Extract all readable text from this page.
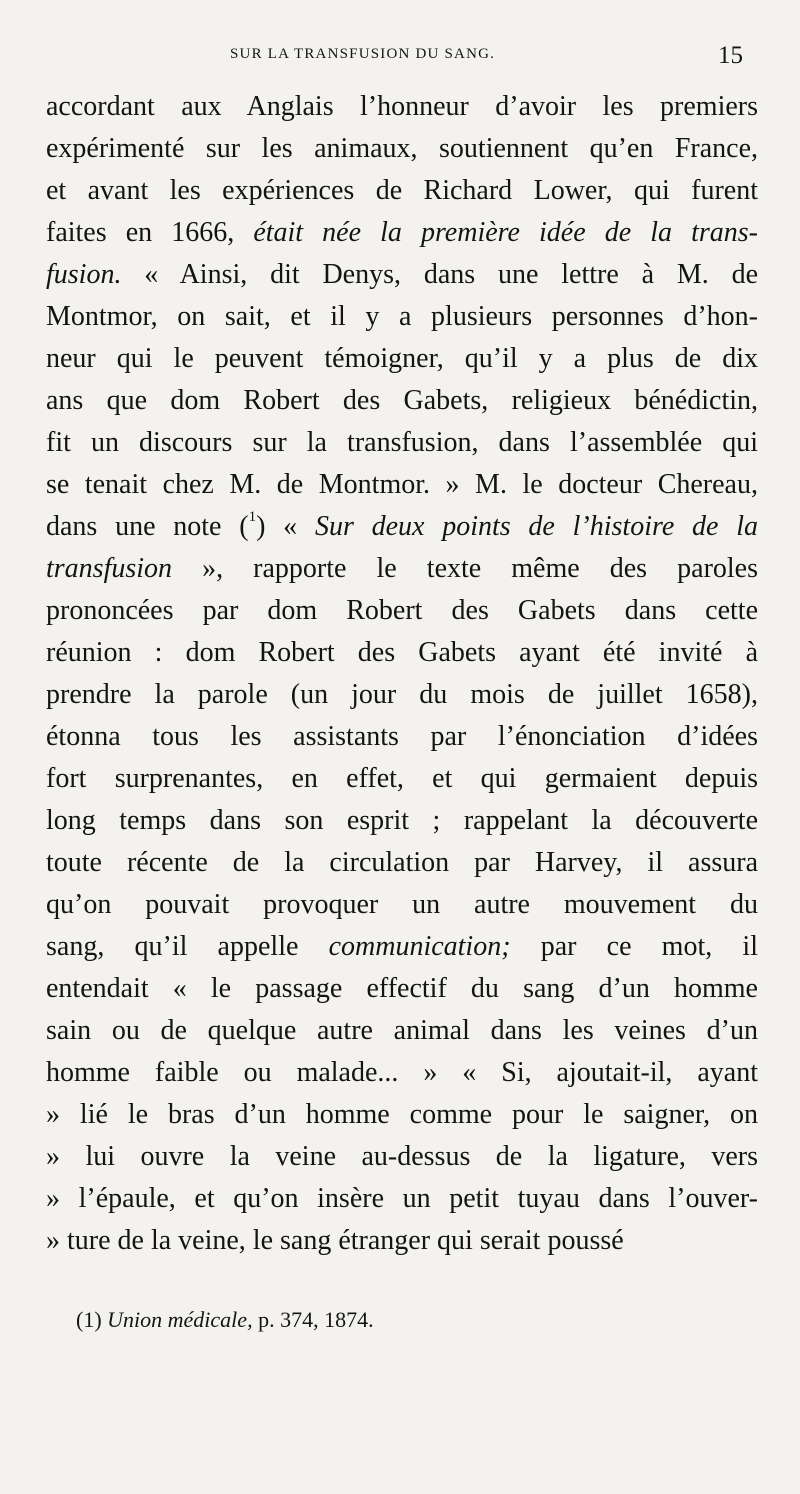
SUR LA TRANSFUSION DU SANG.	15
accordant aux Anglais l’honneur d’avoir les premiers
expérimenté sur les animaux, soutiennent qu’en France,
et avant les expériences de Richard Lower, qui furent
faites en 1666, était née la première idée de la trans-
fusion. « Ainsi, dit Denys, dans une lettre à M. de
Montmor, on sait, et il y a plusieurs personnes d’hon-
neur qui le peuvent témoigner, qu’il y a plus de dix
ans que dom Robert des Gabets, religieux bénédictin,
fit un discours sur la transfusion, dans l’assemblée qui
se tenait chez M. de Montmor. » M. le docteur Chereau,
dans une note ($^1$) « Sur deux points de l’histoire de la
transfusion », rapporte le texte même des paroles
prononcées par dom Robert des Gabets dans cette
réunion : dom Robert des Gabets ayant été invité à
prendre la parole (un jour du mois de juillet 1658),
étonna tous les assistants par l’énonciation d’idées
fort surprenantes, en effet, et qui germaient depuis
long temps dans son esprit ; rappelant la découverte
toute récente de la circulation par Harvey, il assura
qu’on pouvait provoquer un autre mouvement du
sang, qu’il appelle communication; par ce mot, il
entendait « le passage effectif du sang d’un homme
sain ou de quelque autre animal dans les veines d’un
homme faible ou malade... » « Si, ajoutait-il, ayant
» lié le bras d’un homme comme pour le saigner, on
» lui ouvre la veine au-dessus de la ligature, vers
» l’épaule, et qu’on insère un petit tuyau dans l’ouver-
» ture de la veine, le sang étranger qui serait poussé
(1) Union médicale, p. 374, 1874.
